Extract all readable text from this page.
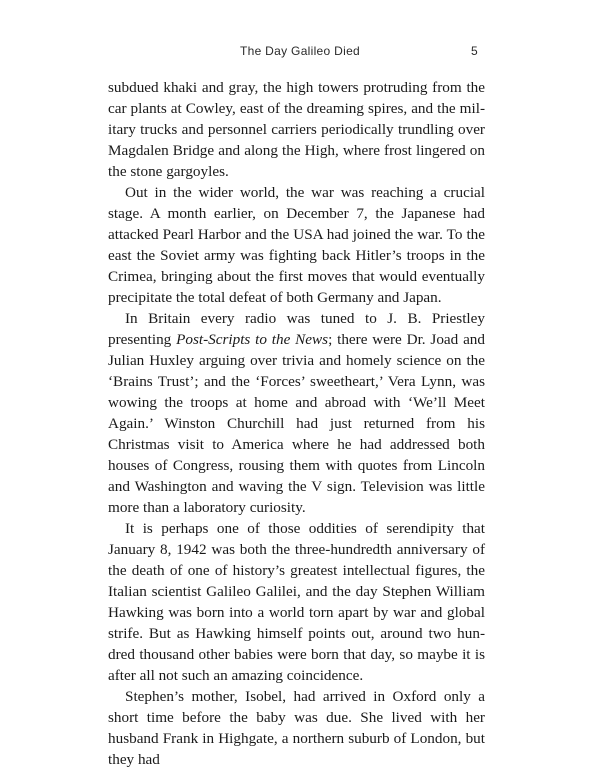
The Day Galileo Died	5

subdued khaki and gray, the high towers protruding from the car plants at Cowley, east of the dreaming spires, and the military trucks and personnel carriers periodically trundling over Magdalen Bridge and along the High, where frost lingered on the stone gargoyles.

Out in the wider world, the war was reaching a crucial stage. A month earlier, on December 7, the Japanese had attacked Pearl Harbor and the USA had joined the war. To the east the Soviet army was fighting back Hitler’s troops in the Crimea, bringing about the first moves that would eventually precipitate the total defeat of both Germany and Japan.

In Britain every radio was tuned to J. B. Priestley presenting Post-Scripts to the News; there were Dr. Joad and Julian Huxley arguing over trivia and homely science on the ‘Brains Trust’; and the ‘Forces’ sweetheart,’ Vera Lynn, was wowing the troops at home and abroad with ‘We’ll Meet Again.’ Winston Churchill had just returned from his Christmas visit to America where he had addressed both houses of Congress, rousing them with quotes from Lincoln and Washington and waving the V sign. Television was little more than a laboratory curiosity.

It is perhaps one of those oddities of serendipity that January 8, 1942 was both the three-hundredth anniversary of the death of one of history’s greatest intellectual figures, the Italian scientist Galileo Galilei, and the day Stephen William Hawking was born into a world torn apart by war and global strife. But as Hawking himself points out, around two hundred thousand other babies were born that day, so maybe it is after all not such an amazing coincidence.

Stephen’s mother, Isobel, had arrived in Oxford only a short time before the baby was due. She lived with her husband Frank in Highgate, a northern suburb of London, but they had
